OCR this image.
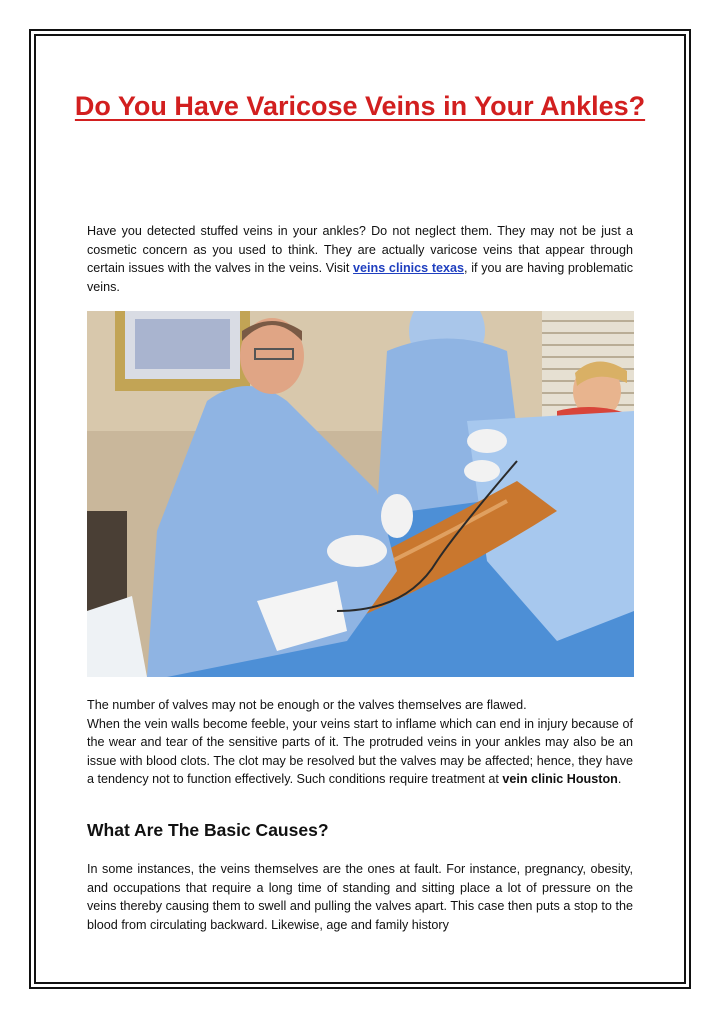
Do You Have Varicose Veins in Your Ankles?

Have you detected stuffed veins in your ankles? Do not neglect them. They may not be just a cosmetic concern as you used to think. They are actually varicose veins that appear through certain issues with the valves in the veins. Visit veins clinics texas, if you are having problematic veins.

The number of valves may not be enough or the valves themselves are flawed.
When the vein walls become feeble, your veins start to inflame which can end in injury because of the wear and tear of the sensitive parts of it. The protruded veins in your ankles may also be an issue with blood clots. The clot may be resolved but the valves may be affected; hence, they have a tendency not to function effectively. Such conditions require treatment at vein clinic Houston.

What Are The Basic Causes?

In some instances, the veins themselves are the ones at fault. For instance, pregnancy, obesity, and occupations that require a long time of standing and sitting place a lot of pressure on the veins thereby causing them to swell and pulling the valves apart. This case then puts a stop to the blood from circulating backward. Likewise, age and family history
